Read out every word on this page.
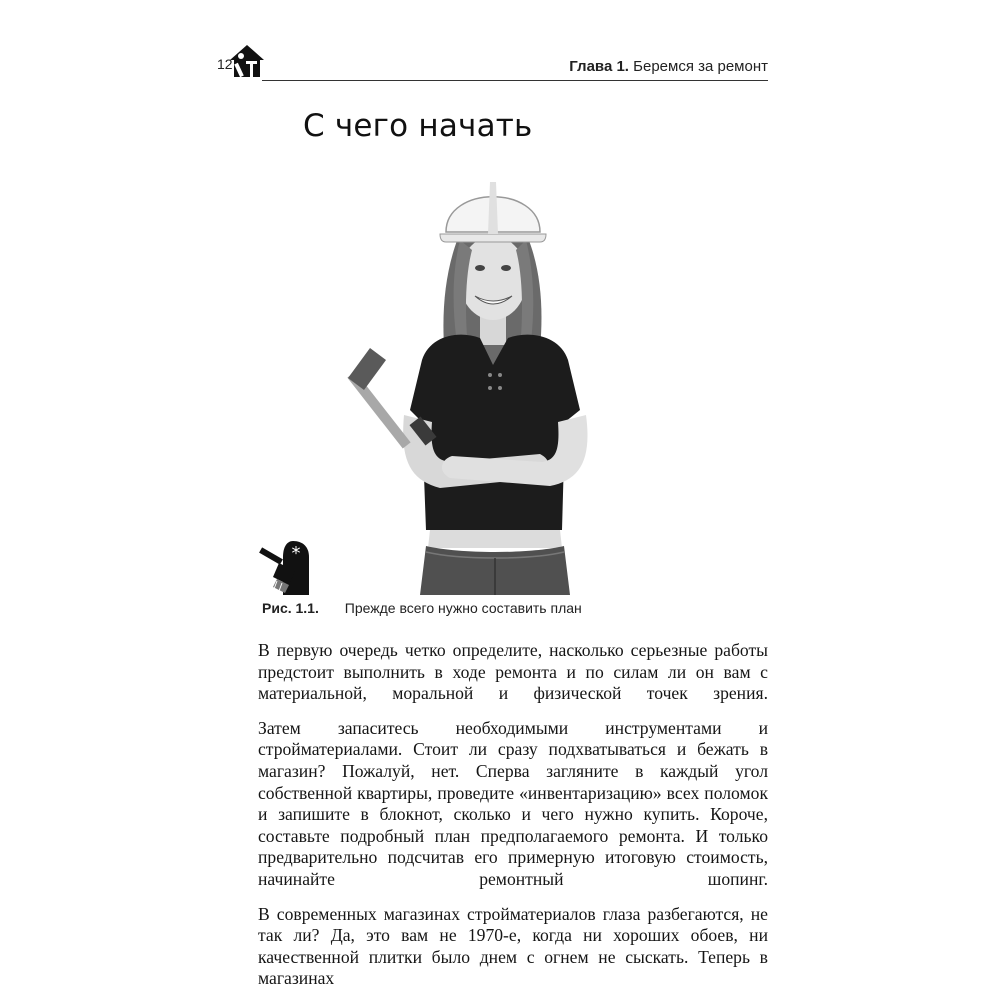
12	Глава 1. Беремся за ремонт
С чего начать
*
Рис. 1.1. Прежде всего нужно составить план

В первую очередь четко определите, насколько серьезные работы предстоит выполнить в ходе ремонта и по силам ли он вам с материальной, моральной и физической точек зрения.

Затем запаситесь необходимыми инструментами и стройматериалами. Стоит ли сразу подхватываться и бежать в магазин? Пожалуй, нет. Сперва загляните в каждый угол собственной квартиры, проведите «инвентаризацию» всех поломок и запишите в блокнот, сколько и чего нужно купить. Короче, составьте подробный план предполагаемого ремонта. И только предварительно подсчитав его примерную итоговую стоимость, начинайте ремонтный шопинг.

В современных магазинах стройматериалов глаза разбегаются, не так ли? Да, это вам не 1970-е, когда ни хороших обоев, ни качественной плитки было днем с огнем не сыскать. Теперь в магазинах
